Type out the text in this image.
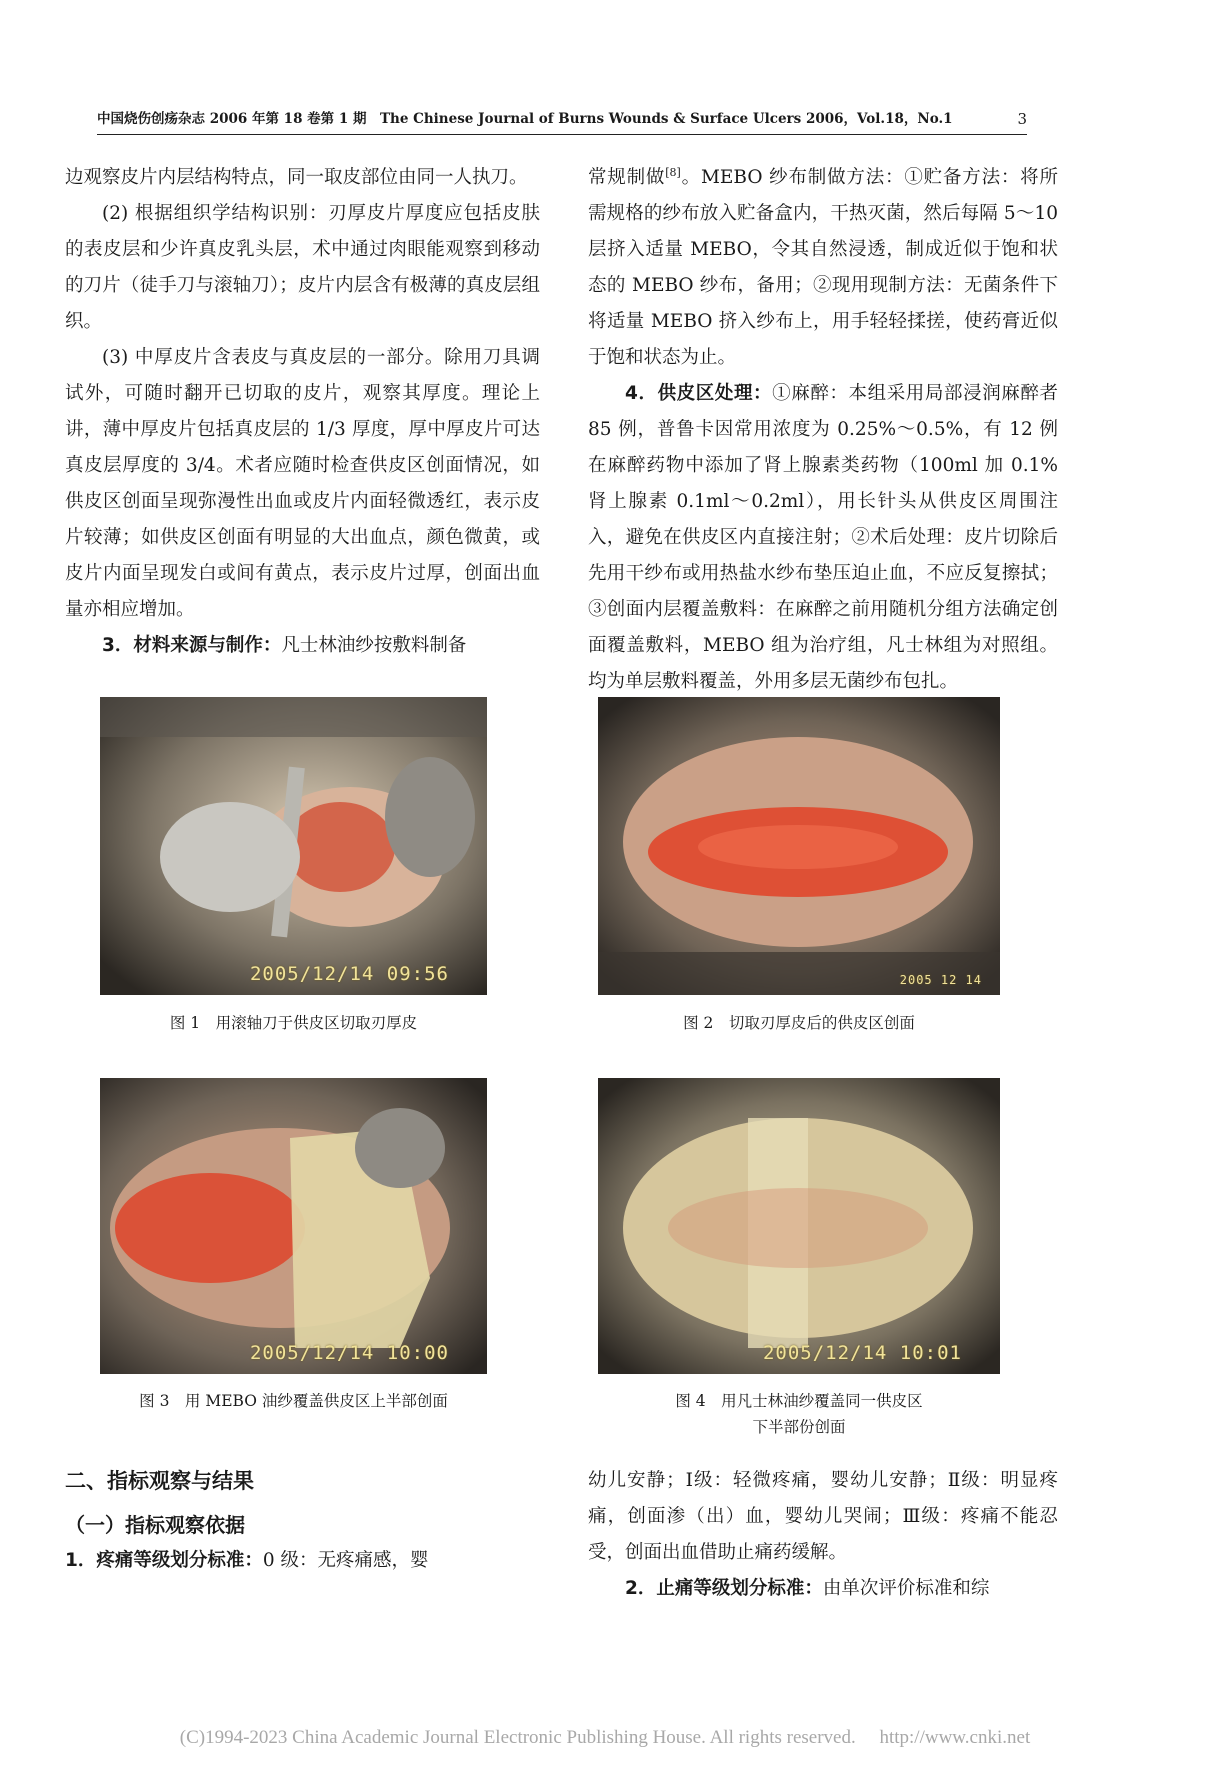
中国烧伤创疡杂志 2006 年第 18 卷第 1 期　The Chinese Journal of Burns Wounds & Surface Ulcers 2006，Vol.18，No.1	3

边观察皮片内层结构特点，同一取皮部位由同一人执刀。

(2) 根据组织学结构识别：刃厚皮片厚度应包括皮肤的表皮层和少许真皮乳头层，术中通过肉眼能观察到移动的刀片（徒手刀与滚轴刀）；皮片内层含有极薄的真皮层组织。

(3) 中厚皮片含表皮与真皮层的一部分。除用刀具调试外，可随时翻开已切取的皮片，观察其厚度。理论上讲，薄中厚皮片包括真皮层的 1/3 厚度，厚中厚皮片可达真皮层厚度的 3/4。术者应随时检查供皮区创面情况，如供皮区创面呈现弥漫性出血或皮片内面轻微透红，表示皮片较薄；如供皮区创面有明显的大出血点，颜色微黄，或皮片内面呈现发白或间有黄点，表示皮片过厚，创面出血量亦相应增加。

3．材料来源与制作：凡士林油纱按敷料制备

常规制做[8]。MEBO 纱布制做方法：①贮备方法：将所需规格的纱布放入贮备盒内，干热灭菌，然后每隔 5～10 层挤入适量 MEBO，令其自然浸透，制成近似于饱和状态的 MEBO 纱布，备用；②现用现制方法：无菌条件下将适量 MEBO 挤入纱布上，用手轻轻揉搓，使药膏近似于饱和状态为止。

4．供皮区处理：①麻醉：本组采用局部浸润麻醉者 85 例，普鲁卡因常用浓度为 0.25%～0.5%，有 12 例在麻醉药物中添加了肾上腺素类药物（100ml 加 0.1% 肾上腺素 0.1ml～0.2ml），用长针头从供皮区周围注入，避免在供皮区内直接注射；②术后处理：皮片切除后先用干纱布或用热盐水纱布垫压迫止血，不应反复擦拭；③创面内层覆盖敷料：在麻醉之前用随机分组方法确定创面覆盖敷料，MEBO 组为治疗组，凡士林组为对照组。均为单层敷料覆盖，外用多层无菌纱布包扎。

2005/12/14 09:56
图 1　用滚轴刀于供皮区切取刃厚皮
2005 12 14
图 2　切取刃厚皮后的供皮区创面
2005/12/14 10:00
图 3　用 MEBO 油纱覆盖供皮区上半部创面
2005/12/14 10:01
图 4　用凡士林油纱覆盖同一供皮区
下半部份创面

二、指标观察与结果

（一）指标观察依据

1．疼痛等级划分标准：0 级：无疼痛感，婴

幼儿安静；Ⅰ级：轻微疼痛，婴幼儿安静；Ⅱ级：明显疼痛，创面渗（出）血，婴幼儿哭闹；Ⅲ级：疼痛不能忍受，创面出血借助止痛药缓解。

2．止痛等级划分标准：由单次评价标准和综

(C)1994-2023 China Academic Journal Electronic Publishing House. All rights reserved.　 http://www.cnki.net
